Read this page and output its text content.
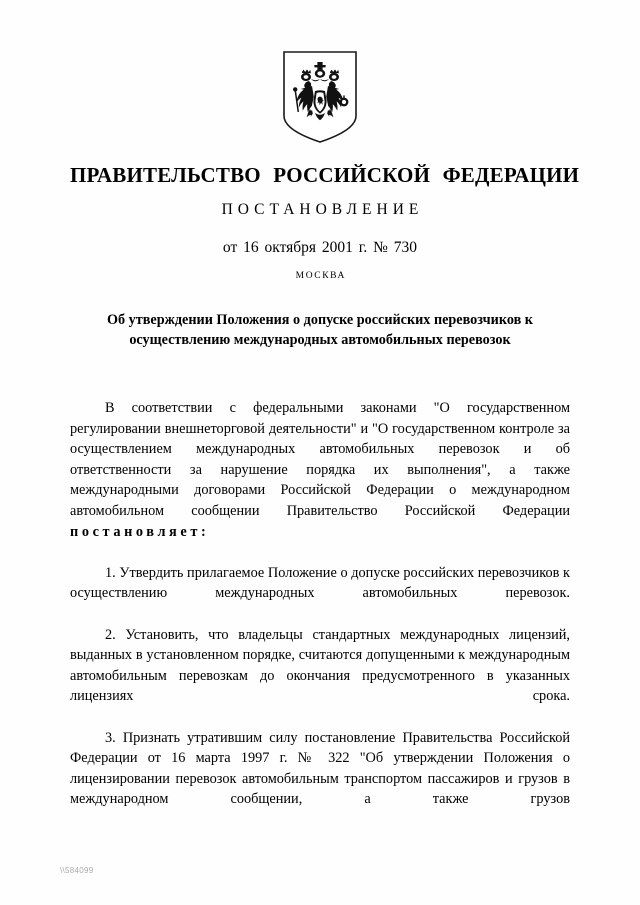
ПРАВИТЕЛЬСТВО РОССИЙСКОЙ ФЕДЕРАЦИИ
ПОСТАНОВЛЕНИЕ
от 16 октября 2001 г. № 730
МОСКВА
Об утверждении Положения о допуске российских перевозчиков к
осуществлению международных автомобильных перевозок

В соответствии с федеральными законами "О государственном регулировании внешнеторговой деятельности" и "О государственном контроле за осуществлением международных автомобильных перевозок и об ответственности за нарушение порядка их выполнения", а также международными договорами Российской Федерации о международном автомобильном сообщении Правительство Российской Федерации постановляет:

1. Утвердить прилагаемое Положение о допуске российских перевозчиков к осуществлению международных автомобильных перевозок.

2. Установить, что владельцы стандартных международных лицензий, выданных в установленном порядке, считаются допущенными к международным автомобильным перевозкам до окончания предусмотренного в указанных лицензиях срока.

3. Признать утратившим силу постановление Правительства Российской Федерации от 16 марта 1997 г. № 322 "Об утверждении Положения о лицензировании перевозок автомобильным транспортом пассажиров и грузов в международном сообщении, а также грузов

\\584099
